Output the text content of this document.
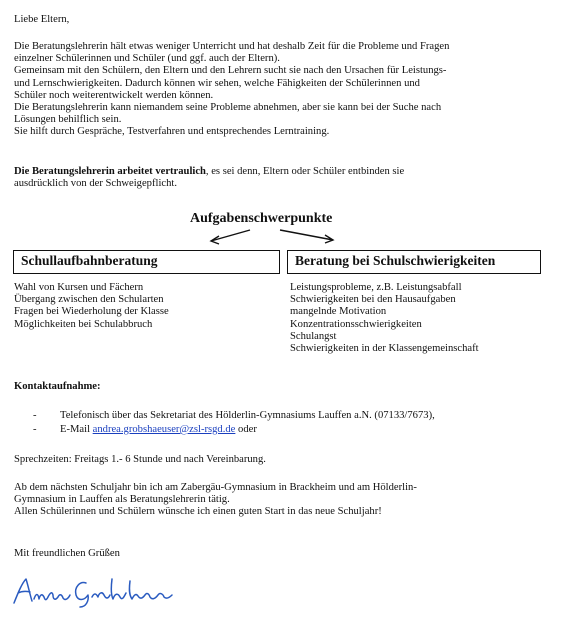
Liebe Eltern,
Die Beratungslehrerin hält etwas weniger Unterricht und hat deshalb Zeit für die Probleme und Fragen
einzelner Schülerinnen und Schüler (und ggf. auch der Eltern).
Gemeinsam mit den Schülern, den Eltern und den Lehrern sucht sie nach den Ursachen für Leistungs-
und Lernschwierigkeiten. Dadurch können wir sehen, welche Fähigkeiten der Schülerinnen und
Schüler noch weiterentwickelt werden können.
Die Beratungslehrerin kann niemandem seine Probleme abnehmen, aber sie kann bei der Suche nach
Lösungen behilflich sein.
Sie hilft durch Gespräche, Testverfahren und entsprechendes Lerntraining.
Die Beratungslehrerin arbeitet vertraulich, es sei denn, Eltern oder Schüler entbinden sie
ausdrücklich von der Schweigepflicht.
Aufgabenschwerpunkte
Schullaufbahnberatung	Beratung bei Schulschwierigkeiten
Wahl von Kursen und Fächern
Übergang zwischen den Schularten
Fragen bei Wiederholung der Klasse
Möglichkeiten bei Schulabbruch
Leistungsprobleme, z.B. Leistungsabfall
Schwierigkeiten bei den Hausaufgaben
mangelnde Motivation
Konzentrationsschwierigkeiten
Schulangst
Schwierigkeiten in der Klassengemeinschaft
Kontaktaufnahme:
- Telefonisch über das Sekretariat des Hölderlin-Gymnasiums Lauffen a.N. (07133/7673),
- E-Mail andrea.grobshaeuser@zsl-rsgd.de oder
Sprechzeiten: Freitags 1.- 6 Stunde und nach Vereinbarung.
Ab dem nächsten Schuljahr bin ich am Zabergäu-Gymnasium in Brackheim und am Hölderlin-
Gymnasium in Lauffen als Beratungslehrerin tätig.
Allen Schülerinnen und Schülern wünsche ich einen guten Start in das neue Schuljahr!
Mit freundlichen Grüßen
